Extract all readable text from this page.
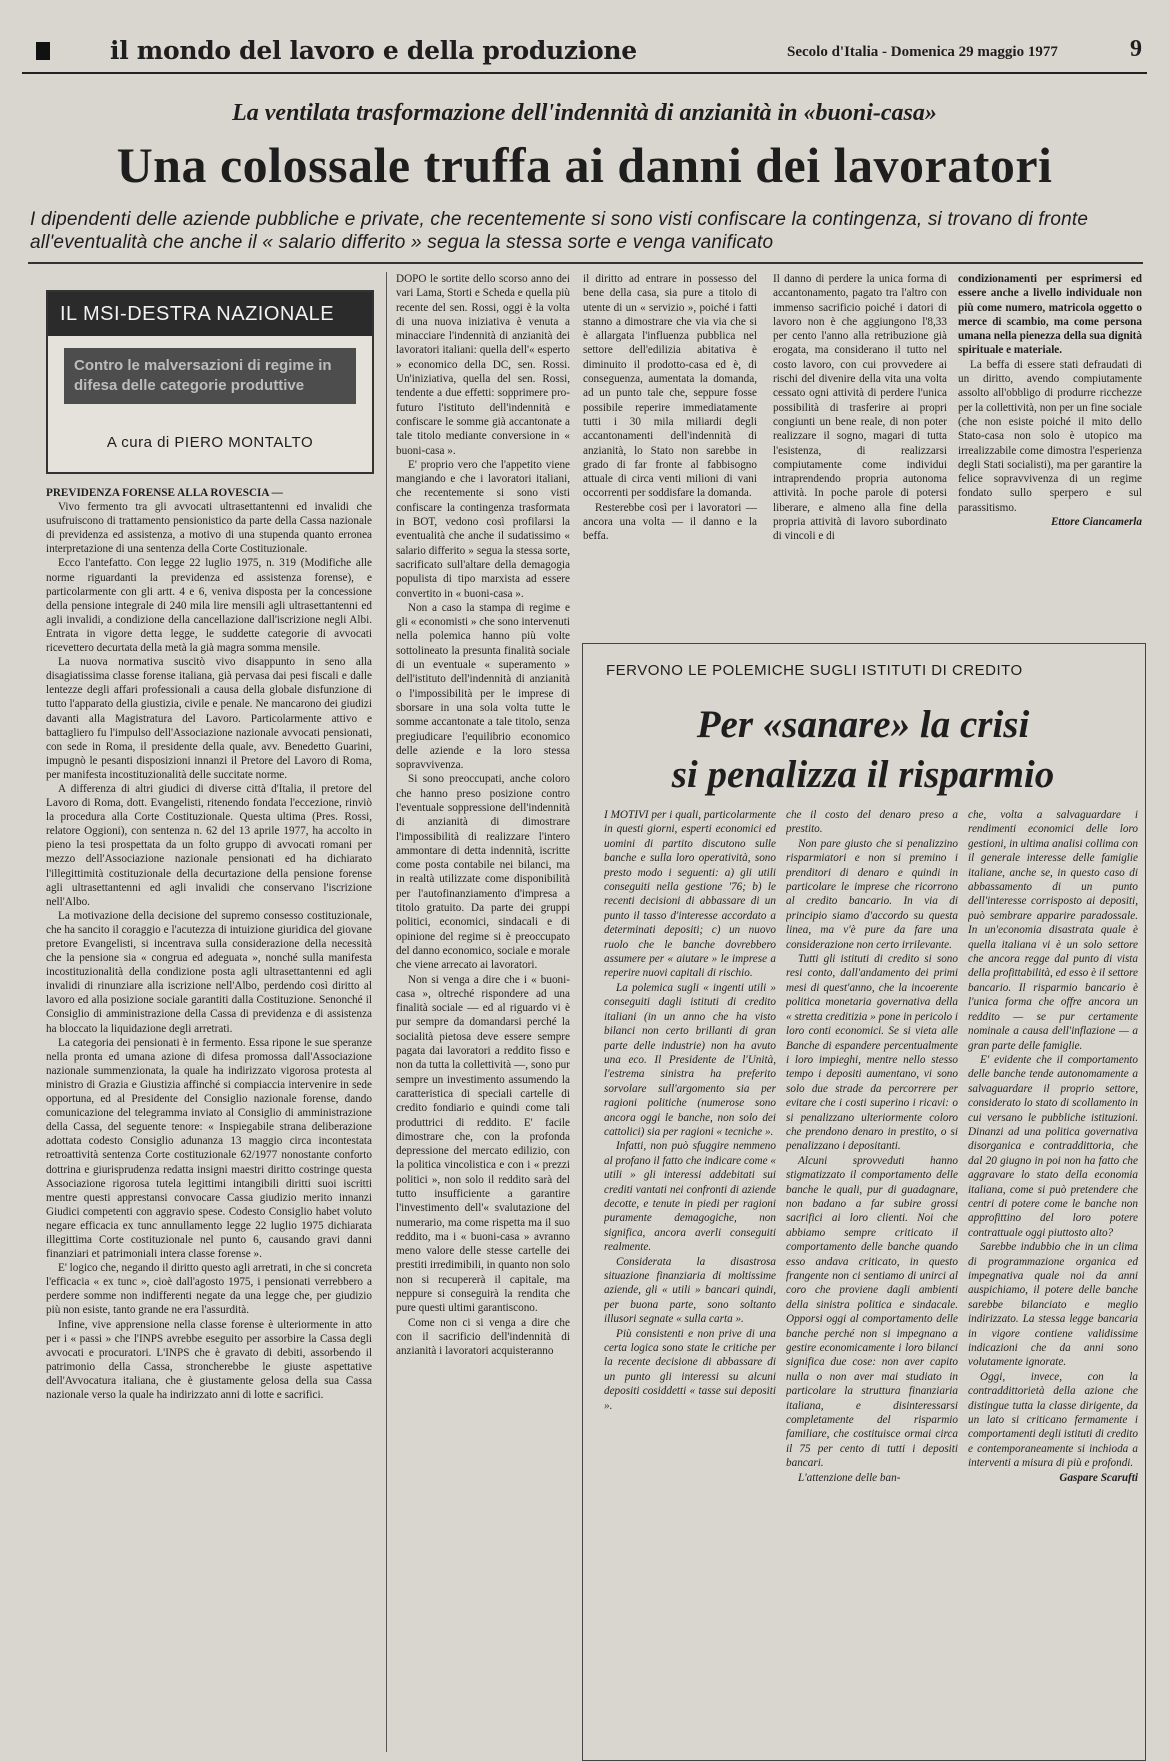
il mondo del lavoro e della produzione	Secolo d'Italia - Domenica 29 maggio 1977	9
La ventilata trasformazione dell'indennità di anzianità in «buoni-casa»
Una colossale truffa ai danni dei lavoratori
I dipendenti delle aziende pubbliche e private, che recentemente si sono visti confiscare la contingenza, si trovano di fronte all'eventualità che anche il « salario differito » segua la stessa sorte e venga vanificato
IL MSI-DESTRA NAZIONALE
Contro le malversazioni di regime in difesa delle categorie produttive
A cura di PIERO MONTALTO

PREVIDENZA FORENSE ALLA ROVESCIA —

Vivo fermento tra gli avvocati ultrasettantenni ed invalidi che usufruiscono di trattamento pensionistico da parte della Cassa nazionale di previdenza ed assistenza, a motivo di una stupenda quanto erronea interpretazione di una sentenza della Corte Costituzionale.

Ecco l'antefatto. Con legge 22 luglio 1975, n. 319 (Modifiche alle norme riguardanti la previdenza ed assistenza forense), e particolarmente con gli artt. 4 e 6, veniva disposta per la concessione della pensione integrale di 240 mila lire mensili agli ultrasettantenni ed agli invalidi, a condizione della cancellazione dall'iscrizione negli Albi. Entrata in vigore detta legge, le suddette categorie di avvocati ricevettero decurtata della metà la già magra somma mensile.

La nuova normativa suscitò vivo disappunto in seno alla disagiatissima classe forense italiana, già pervasa dai pesi fiscali e dalle lentezze degli affari professionali a causa della globale disfunzione di tutto l'apparato della giustizia, civile e penale. Ne mancarono dei giudizi davanti alla Magistratura del Lavoro. Particolarmente attivo e battagliero fu l'impulso dell'Associazione nazionale avvocati pensionati, con sede in Roma, il presidente della quale, avv. Benedetto Guarini, impugnò le pesanti disposizioni innanzi il Pretore del Lavoro di Roma, per manifesta incostituzionalità delle succitate norme.

A differenza di altri giudici di diverse città d'Italia, il pretore del Lavoro di Roma, dott. Evangelisti, ritenendo fondata l'eccezione, rinviò la procedura alla Corte Costituzionale. Questa ultima (Pres. Rossi, relatore Oggioni), con sentenza n. 62 del 13 aprile 1977, ha accolto in pieno la tesi prospettata da un folto gruppo di avvocati romani per mezzo dell'Associazione nazionale pensionati ed ha dichiarato l'illegittimità costituzionale della decurtazione della pensione forense agli ultrasettantenni ed agli invalidi che conservano l'iscrizione nell'Albo.

La motivazione della decisione del supremo consesso costituzionale, che ha sancito il coraggio e l'acutezza di intuizione giuridica del giovane pretore Evangelisti, si incentrava sulla considerazione della necessità che la pensione sia « congrua ed adeguata », nonché sulla manifesta incostituzionalità della condizione posta agli ultrasettantenni ed agli invalidi di rinunziare alla iscrizione nell'Albo, perdendo così diritto al lavoro ed alla posizione sociale garantiti dalla Costituzione. Senonché il Consiglio di amministrazione della Cassa di previdenza e di assistenza ha bloccato la liquidazione degli arretrati.

La categoria dei pensionati è in fermento. Essa ripone le sue speranze nella pronta ed umana azione di difesa promossa dall'Associazione nazionale summenzionata, la quale ha indirizzato vigorosa protesta al ministro di Grazia e Giustizia affinché si compiaccia intervenire in sede opportuna, ed al Presidente del Consiglio nazionale forense, dando comunicazione del telegramma inviato al Consiglio di amministrazione della Cassa, del seguente tenore: « Inspiegabile strana deliberazione adottata codesto Consiglio adunanza 13 maggio circa incontestata retroattività sentenza Corte costituzionale 62/1977 nonostante conforto dottrina e giurisprudenza redatta insigni maestri diritto costringe questa Associazione rigorosa tutela legittimi intangibili diritti suoi iscritti mentre questi apprestansi convocare Cassa giudizio merito innanzi Giudici competenti con aggravio spese. Codesto Consiglio habet voluto negare efficacia ex tunc annullamento legge 22 luglio 1975 dichiarata illegittima Corte costituzionale nel punto 6, causando gravi danni finanziari et patrimoniali intera classe forense ».

E' logico che, negando il diritto questo agli arretrati, in che si concreta l'efficacia « ex tunc », cioè dall'agosto 1975, i pensionati verrebbero a perdere somme non indifferenti negate da una legge che, per giudizio più non esiste, tanto grande ne era l'assurdità.

Infine, vive apprensione nella classe forense è ulteriormente in atto per i « passi » che l'INPS avrebbe eseguito per assorbire la Cassa degli avvocati e procuratori. L'INPS che è gravato di debiti, assorbendo il patrimonio della Cassa, stroncherebbe le giuste aspettative dell'Avvocatura italiana, che è giustamente gelosa della sua Cassa nazionale verso la quale ha indirizzato anni di lotte e sacrifici.

DOPO le sortite dello scorso anno dei vari Lama, Storti e Scheda e quella più recente del sen. Rossi, oggi è la volta di una nuova iniziativa è venuta a minacciare l'indennità di anzianità dei lavoratori italiani: quella dell'« esperto » economico della DC, sen. Rossi. Un'iniziativa, quella del sen. Rossi, tendente a due effetti: sopprimere pro-futuro l'istituto dell'indennità e confiscare le somme già accantonate a tale titolo mediante conversione in « buoni-casa ».

E' proprio vero che l'appetito viene mangiando e che i lavoratori italiani, che recentemente si sono visti confiscare la contingenza trasformata in BOT, vedono così profilarsi la eventualità che anche il sudatissimo « salario differito » segua la stessa sorte, sacrificato sull'altare della demagogia populista di tipo marxista ad essere convertito in « buoni-casa ».

Non a caso la stampa di regime e gli « economisti » che sono intervenuti nella polemica hanno più volte sottolineato la presunta finalità sociale di un eventuale « superamento » dell'istituto dell'indennità di anzianità o l'impossibilità per le imprese di sborsare in una sola volta tutte le somme accantonate a tale titolo, senza pregiudicare l'equilibrio economico delle aziende e la loro stessa sopravvivenza.

Si sono preoccupati, anche coloro che hanno preso posizione contro l'eventuale soppressione dell'indennità di anzianità di dimostrare l'impossibilità di realizzare l'intero ammontare di detta indennità, iscritte come posta contabile nei bilanci, ma in realtà utilizzate come disponibilità per l'autofinanziamento d'impresa a titolo gratuito. Da parte dei gruppi politici, economici, sindacali e di opinione del regime si è preoccupato del danno economico, sociale e morale che viene arrecato ai lavoratori.

Non si venga a dire che i « buoni-casa », oltreché rispondere ad una finalità sociale — ed al riguardo vi è pur sempre da domandarsi perché la socialità pietosa deve essere sempre pagata dai lavoratori a reddito fisso e non da tutta la collettività —, sono pur sempre un investimento assumendo la caratteristica di speciali cartelle di credito fondiario e quindi come tali produttrici di reddito. E' facile dimostrare che, con la profonda depressione del mercato edilizio, con la politica vincolistica e con i « prezzi politici », non solo il reddito sarà del tutto insufficiente a garantire l'investimento dell'« svalutazione del numerario, ma come rispetta ma il suo reddito, ma i « buoni-casa » avranno meno valore delle stesse cartelle dei prestiti irredimibili, in quanto non solo non si recupererà il capitale, ma neppure si conseguirà la rendita che pure questi ultimi garantiscono.

Come non ci si venga a dire che con il sacrificio dell'indennità di anzianità i lavoratori acquisteranno

il diritto ad entrare in possesso del bene della casa, sia pure a titolo di utente di un « servizio », poiché i fatti stanno a dimostrare che via via che si è allargata l'influenza pubblica nel settore dell'edilizia abitativa è diminuito il prodotto-casa ed è, di conseguenza, aumentata la domanda, ad un punto tale che, seppure fosse possibile reperire immediatamente tutti i 30 mila miliardi degli accantonamenti dell'indennità di anzianità, lo Stato non sarebbe in grado di far fronte al fabbisogno attuale di circa venti milioni di vani occorrenti per soddisfare la domanda.

Resterebbe così per i lavoratori — ancora una volta — il danno e la beffa.

Il danno di perdere la unica forma di accantonamento, pagato tra l'altro con immenso sacrificio poiché i datori di lavoro non è che aggiungono l'8,33 per cento l'anno alla retribuzione già erogata, ma considerano il tutto nel costo lavoro, con cui provvedere ai rischi del divenire della vita una volta cessato ogni attività di perdere l'unica possibilità di trasferire ai propri congiunti un bene reale, di non poter realizzare il sogno, magari di tutta l'esistenza, di realizzarsi compiutamente come individui intraprendendo propria autonoma attività. In poche parole di potersi liberare, e almeno alla fine della propria attività di lavoro subordinato di vincoli e di

condizionamenti per esprimersi ed essere anche a livello individuale non più come numero, matricola oggetto o merce di scambio, ma come persona umana nella pienezza della sua dignità spirituale e materiale.

La beffa di essere stati defraudati di un diritto, avendo compiutamente assolto all'obbligo di produrre ricchezze per la collettività, non per un fine sociale (che non esiste poiché il mito dello Stato-casa non solo è utopico ma irrealizzabile come dimostra l'esperienza degli Stati socialisti), ma per garantire la felice sopravvivenza di un regime fondato sullo sperpero e sul parassitismo.

Ettore Ciancamerla

FERVONO LE POLEMICHE SUGLI ISTITUTI DI CREDITO
Per «sanare» la crisi
si penalizza il risparmio

I MOTIVI per i quali, particolarmente in questi giorni, esperti economici ed uomini di partito discutono sulle banche e sulla loro operatività, sono presto modo i seguenti: a) gli utili conseguiti nella gestione '76; b) le recenti decisioni di abbassare di un punto il tasso d'interesse accordato a determinati depositi; c) un nuovo ruolo che le banche dovrebbero assumere per « aiutare » le imprese a reperire nuovi capitali di rischio.

La polemica sugli « ingenti utili » conseguiti dagli istituti di credito italiani (in un anno che ha visto bilanci non certo brillanti di gran parte delle industrie) non ha avuto una eco. Il Presidente de l'Unità, l'estrema sinistra ha preferito sorvolare sull'argomento sia per ragioni politiche (numerose sono ancora oggi le banche, non solo dei cattolici) sia per ragioni « tecniche ».

Infatti, non può sfuggire nemmeno al profano il fatto che indicare come « utili » gli interessi addebitati sui crediti vantati nei confronti di aziende decotte, e tenute in piedi per ragioni puramente demagogiche, non significa, ancora averli conseguiti realmente.

Considerata la disastrosa situazione finanziaria di moltissime aziende, gli « utili » bancari quindi, per buona parte, sono soltanto illusori segnate « sulla carta ».

Più consistenti e non prive di una certa logica sono state le critiche per la recente decisione di abbassare di un punto gli interessi su alcuni depositi cosiddetti « tasse sui depositi ».

che il costo del denaro preso a prestito.

Non pare giusto che si penalizzino risparmiatori e non si premino i prenditori di denaro e quindi in particolare le imprese che ricorrono al credito bancario. In via di principio siamo d'accordo su questa linea, ma v'è pure da fare una considerazione non certo irrilevante.

Tutti gli istituti di credito si sono resi conto, dall'andamento dei primi mesi di quest'anno, che la incoerente politica monetaria governativa della « stretta creditizia » pone in pericolo i loro conti economici. Se si vieta alle Banche di espandere percentualmente i loro impieghi, mentre nello stesso tempo i depositi aumentano, vi sono solo due strade da percorrere per evitare che i costi superino i ricavi: o si penalizzano ulteriormente coloro che prendono denaro in prestito, o si penalizzano i depositanti.

Alcuni sprovveduti hanno stigmatizzato il comportamento delle banche le quali, pur di guadagnare, non badano a far subire grossi sacrifici ai loro clienti. Noi che abbiamo sempre criticato il comportamento delle banche quando esso andava criticato, in questo frangente non ci sentiamo di unirci al coro che proviene dagli ambienti della sinistra politica e sindacale. Opporsi oggi al comportamento delle banche perché non si impegnano a gestire economicamente i loro bilanci significa due cose: non aver capito nulla o non aver mai studiato in particolare la struttura finanziaria italiana, e disinteressarsi completamente del risparmio familiare, che costituisce ormai circa il 75 per cento di tutti i depositi bancari.

L'attenzione delle ban-

che, volta a salvaguardare i rendimenti economici delle loro gestioni, in ultima analisi collima con il generale interesse delle famiglie italiane, anche se, in questo caso di abbassamento di un punto dell'interesse corrisposto ai depositi, può sembrare apparire paradossale. In un'economia disastrata quale è quella italiana vi è un solo settore che ancora regge dal punto di vista della profittabilità, ed esso è il settore bancario. Il risparmio bancario è l'unica forma che offre ancora un reddito — se pur certamente nominale a causa dell'inflazione — a gran parte delle famiglie.

E' evidente che il comportamento delle banche tende autonomamente a salvaguardare il proprio settore, considerato lo stato di scollamento in cui versano le pubbliche istituzioni. Dinanzi ad una politica governativa disorganica e contraddittoria, che dal 20 giugno in poi non ha fatto che aggravare lo stato della economia italiana, come si può pretendere che centri di potere come le banche non approfittino del loro potere contrattuale oggi piuttosto alto?

Sarebbe indubbio che in un clima di programmazione organica ed impegnativa quale noi da anni auspichiamo, il potere delle banche sarebbe bilanciato e meglio indirizzato. La stessa legge bancaria in vigore contiene validissime indicazioni che da anni sono volutamente ignorate.

Oggi, invece, con la contraddittorietà della azione che distingue tutta la classe dirigente, da un lato si criticano fermamente i comportamenti degli istituti di credito e contemporaneamente si inchioda a interventi a misura di più e profondi.

Gaspare Scarufti
